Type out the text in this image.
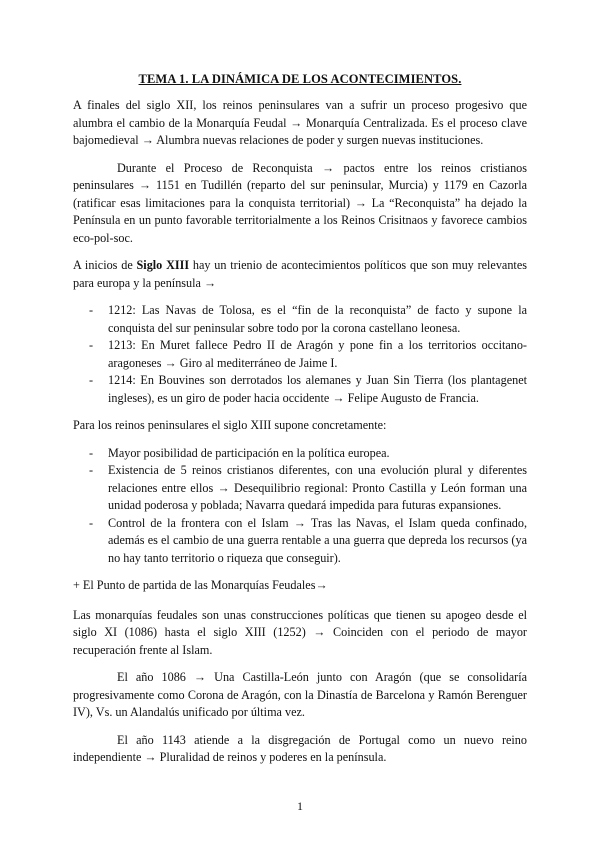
TEMA 1. LA DINÁMICA DE LOS ACONTECIMIENTOS.

A finales del siglo XII, los reinos peninsulares van a sufrir un proceso progesivo que alumbra el cambio de la Monarquía Feudal → Monarquía Centralizada. Es el proceso clave bajomedieval → Alumbra nuevas relaciones de poder y surgen nuevas instituciones.

Durante el Proceso de Reconquista → pactos entre los reinos cristianos peninsulares → 1151 en Tudillén (reparto del sur peninsular, Murcia) y 1179 en Cazorla (ratificar esas limitaciones para la conquista territorial) → La “Reconquista” ha dejado la Península en un punto favorable territorialmente a los Reinos Crisitnaos y favorece cambios eco-pol-soc.

A inicios de Siglo XIII hay un trienio de acontecimientos políticos que son muy relevantes para europa y la península →

- 1212: Las Navas de Tolosa, es el “fin de la reconquista” de facto y supone la conquista del sur peninsular sobre todo por la corona castellano leonesa.
- 1213: En Muret fallece Pedro II de Aragón y pone fin a los territorios occitano-aragoneses → Giro al mediterráneo de Jaime I.
- 1214: En Bouvines son derrotados los alemanes y Juan Sin Tierra (los plantagenet ingleses), es un giro de poder hacia occidente → Felipe Augusto de Francia.

Para los reinos peninsulares el siglo XIII supone concretamente:

- Mayor posibilidad de participación en la política europea.
- Existencia de 5 reinos cristianos diferentes, con una evolución plural y diferentes relaciones entre ellos → Desequilibrio regional: Pronto Castilla y León forman una unidad poderosa y poblada; Navarra quedará impedida para futuras expansiones.
- Control de la frontera con el Islam → Tras las Navas, el Islam queda confinado, además es el cambio de una guerra rentable a una guerra que depreda los recursos (ya no hay tanto territorio o riqueza que conseguir).

+ El Punto de partida de las Monarquías Feudales→

Las monarquías feudales son unas construcciones políticas que tienen su apogeo desde el siglo XI (1086) hasta el siglo XIII (1252) → Coinciden con el periodo de mayor recuperación frente al Islam.

El año 1086 → Una Castilla-León junto con Aragón (que se consolidaría progresivamente como Corona de Aragón, con la Dinastía de Barcelona y Ramón Berenguer IV), Vs. un Alandalús unificado por última vez.

El año 1143 atiende a la disgregación de Portugal como un nuevo reino independiente → Pluralidad de reinos y poderes en la península.

1
